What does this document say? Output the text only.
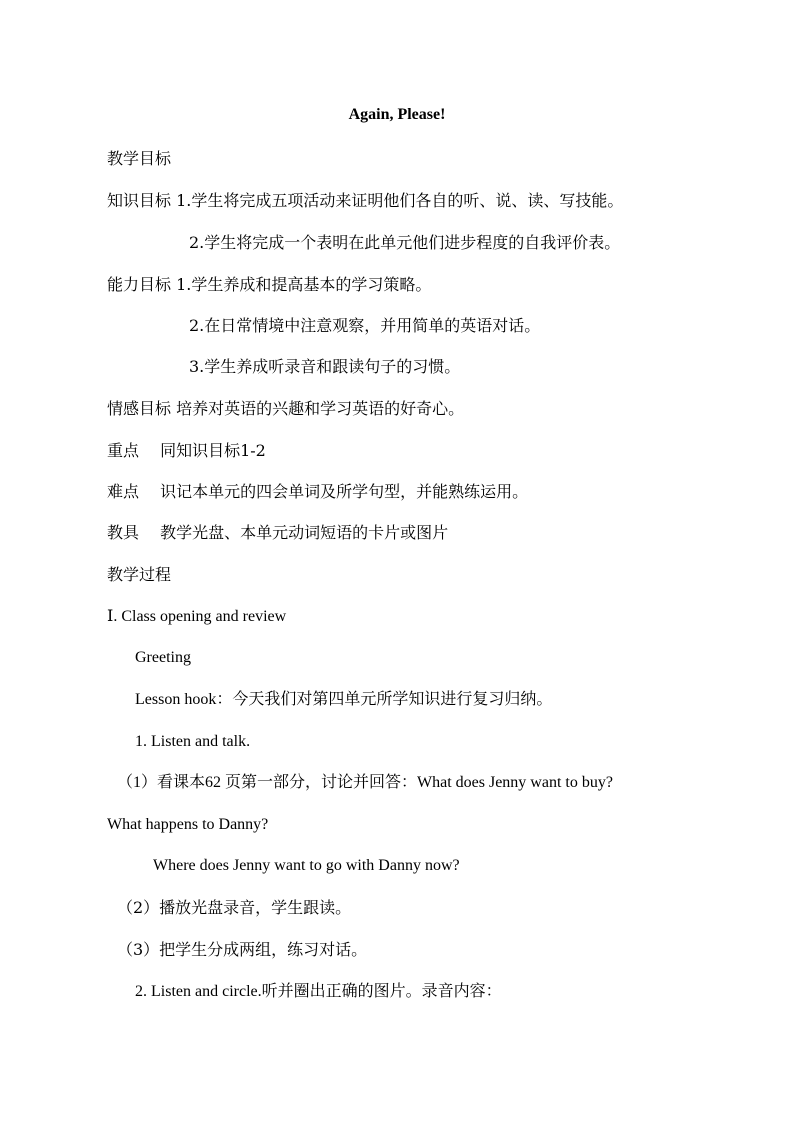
Again, Please!
教学目标
知识目标 1.学生将完成五项活动来证明他们各自的听、说、读、写技能。
2.学生将完成一个表明在此单元他们进步程度的自我评价表。
能力目标 1.学生养成和提高基本的学习策略。
2.在日常情境中注意观察，并用简单的英语对话。
3.学生养成听录音和跟读句子的习惯。
情感目标 培养对英语的兴趣和学习英语的好奇心。
重点　 同知识目标1-2
难点　 识记本单元的四会单词及所学句型，并能熟练运用。
教具　 教学光盘、本单元动词短语的卡片或图片
教学过程
Ⅰ. Class opening and review
Greeting
Lesson hook：今天我们对第四单元所学知识进行复习归纳。
1. Listen and talk.
（1）看课本62 页第一部分，讨论并回答：What does Jenny want to buy?
What happens to Danny?
Where does Jenny want to go with Danny now?
（2）播放光盘录音，学生跟读。
（3）把学生分成两组，练习对话。
2. Listen and circle.听并圈出正确的图片。录音内容：
